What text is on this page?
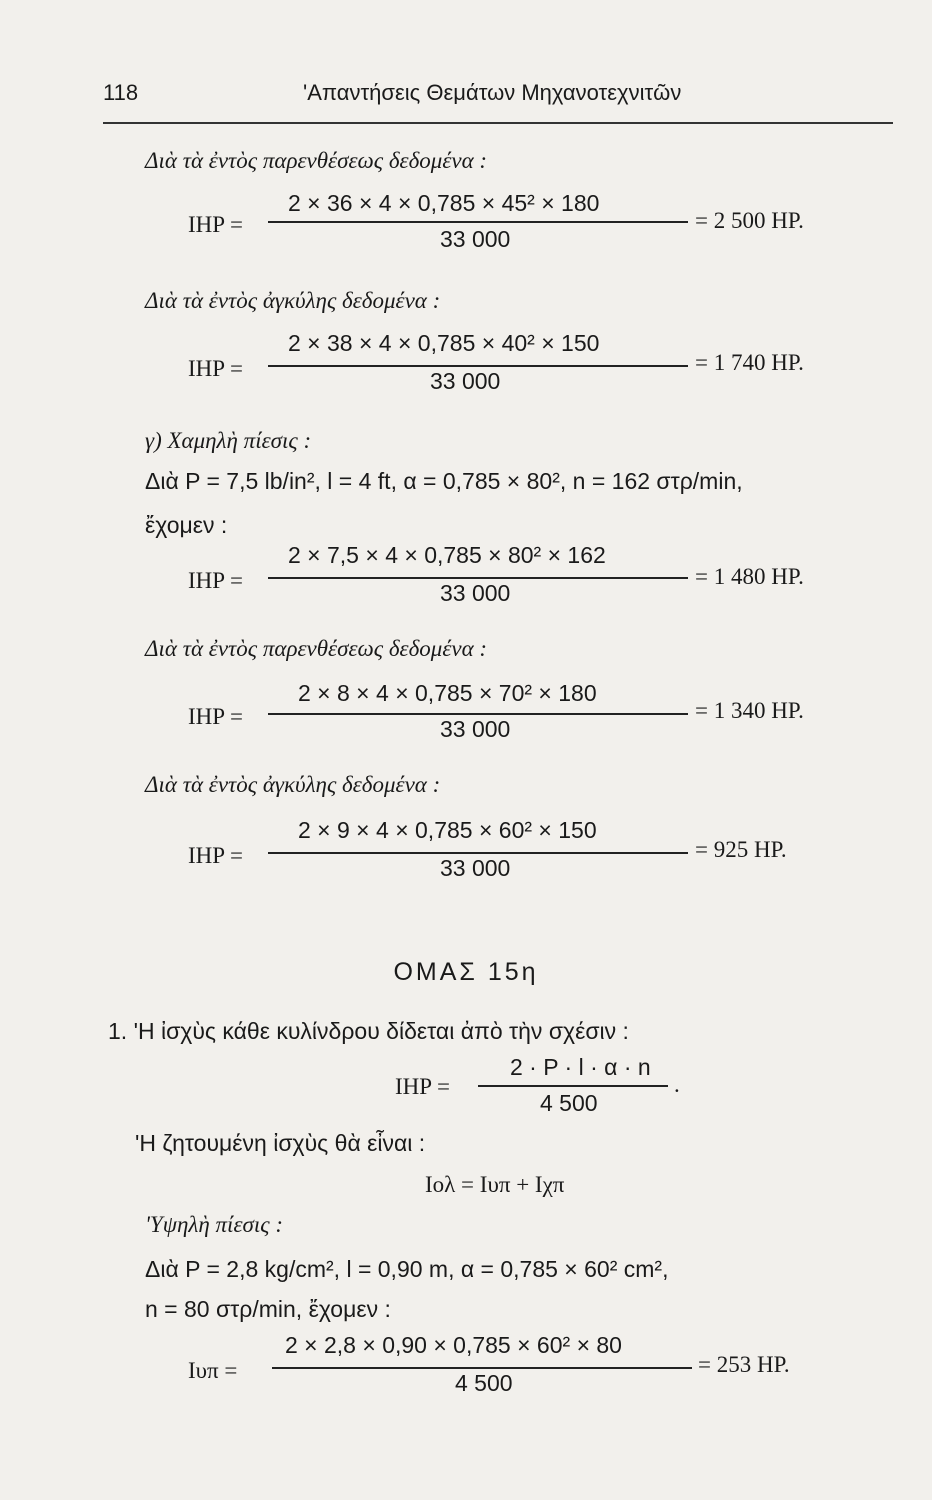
118	'Απαντήσεις Θεμάτων Μηχανοτεχνιτῶν
Διὰ τὰ ἐντὸς παρενθέσεως δεδομένα :
IHP =
2 × 36 × 4 × 0,785 × 45² × 180
33 000
= 2 500 HP.
Διὰ τὰ ἐντὸς ἀγκύλης δεδομένα :
IHP =
2 × 38 × 4 × 0,785 × 40² × 150
33 000
= 1 740 HP.
γ) Χαμηλὴ πίεσις :
Διὰ P = 7,5 lb/in², l = 4 ft, α = 0,785 × 80², n = 162 στρ/min,
ἔχομεν :
IHP =
2 × 7,5 × 4 × 0,785 × 80² × 162
33 000
= 1 480 HP.
Διὰ τὰ ἐντὸς παρενθέσεως δεδομένα :
IHP =
2 × 8 × 4 × 0,785 × 70² × 180
33 000
= 1 340 HP.
Διὰ τὰ ἐντὸς ἀγκύλης δεδομένα :
IHP =
2 × 9 × 4 × 0,785 × 60² × 150
33 000
= 925 HP.
ΟΜΑΣ 15η
1. 'Η ἰσχὺς κάθε κυλίνδρου δίδεται ἀπὸ τὴν σχέσιν :
IHP =
2 · P · l · α · n
4 500
.
'Η ζητουμένη ἰσχὺς θὰ εἶναι :
Iολ = Iυπ + Iχπ
'Υψηλὴ πίεσις :
Διὰ P = 2,8 kg/cm², l = 0,90 m, α = 0,785 × 60² cm²,
n = 80 στρ/min, ἔχομεν :
Iυπ =
2 × 2,8 × 0,90 × 0,785 × 60² × 80
4 500
= 253 HP.
